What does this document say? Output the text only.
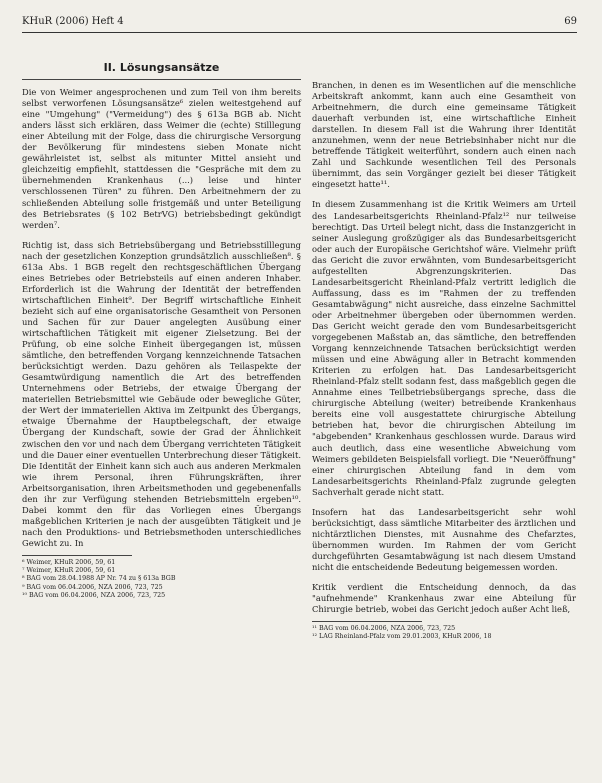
KHuR (2006) Heft 4	69
II. Lösungsansätze

Die von Weimer angesprochenen und zum Teil von ihm bereits selbst verworfenen Lösungsansätze⁶ zielen weitestgehend auf eine "Umgehung" ("Vermeidung") des § 613a BGB ab. Nicht anders lässt sich erklären, dass Weimer die (echte) Stilllegung einer Abteilung mit der Folge, dass die chirurgische Versorgung der Bevölkerung für mindestens sieben Monate nicht gewährleistet ist, selbst als mitunter Mittel ansieht und gleichzeitig empfiehlt, stattdessen die "Gespräche mit dem zu übernehmenden Krankenhaus (...) leise und hinter verschlossenen Türen" zu führen. Den Arbeitnehmern der zu schließenden Abteilung solle fristgemäß und unter Beteiligung des Betriebsrates (§ 102 BetrVG) betriebsbedingt gekündigt werden⁷.

Richtig ist, dass sich Betriebsübergang und Betriebsstilllegung nach der gesetzlichen Konzeption grundsätzlich ausschließen⁸. § 613a Abs. 1 BGB regelt den rechtsgeschäftlichen Übergang eines Betriebes oder Betriebsteils auf einen anderen Inhaber. Erforderlich ist die Wahrung der Identität der betreffenden wirtschaftlichen Einheit⁹. Der Begriff wirtschaftliche Einheit bezieht sich auf eine organisatorische Gesamtheit von Personen und Sachen für zur Dauer angelegten Ausübung einer wirtschaftlichen Tätigkeit mit eigener Zielsetzung. Bei der Prüfung, ob eine solche Einheit übergegangen ist, müssen sämtliche, den betreffenden Vorgang kennzeichnende Tatsachen berücksichtigt werden. Dazu gehören als Teilaspekte der Gesamtwürdigung namentlich die Art des betreffenden Unternehmens oder Betriebs, der etwaige Übergang der materiellen Betriebsmittel wie Gebäude oder bewegliche Güter, der Wert der immateriellen Aktiva im Zeitpunkt des Übergangs, etwaige Übernahme der Hauptbelegschaft, der etwaige Übergang der Kundschaft, sowie der Grad der Ähnlichkeit zwischen den vor und nach dem Übergang verrichteten Tätigkeit und die Dauer einer eventuellen Unterbrechung dieser Tätigkeit. Die Identität der Einheit kann sich auch aus anderen Merkmalen wie ihrem Personal, ihren Führungskräften, ihrer Arbeitsorganisation, ihren Arbeitsmethoden und gegebenenfalls den ihr zur Verfügung stehenden Betriebsmitteln ergeben¹⁰. Dabei kommt den für das Vorliegen eines Übergangs maßgeblichen Kriterien je nach der ausgeübten Tätigkeit und je nach den Produktions- und Betriebsmethoden unterschiedliches Gewicht zu. In

⁶ Weimer, KHuR 2006, 59, 61
⁷ Weimer, KHuR 2006, 59, 61
⁸ BAG vom 28.04.1988 AP Nr. 74 zu § 613a BGB
⁹ BAG vom 06.04.2006, NZA 2006, 723, 725
¹⁰ BAG vom 06.04.2006, NZA 2006, 723, 725

Branchen, in denen es im Wesentlichen auf die menschliche Arbeitskraft ankommt, kann auch eine Gesamtheit von Arbeitnehmern, die durch eine gemeinsame Tätigkeit dauerhaft verbunden ist, eine wirtschaftliche Einheit darstellen. In diesem Fall ist die Wahrung ihrer Identität anzunehmen, wenn der neue Betriebsinhaber nicht nur die betreffende Tätigkeit weiterführt, sondern auch einen nach Zahl und Sachkunde wesentlichen Teil des Personals übernimmt, das sein Vorgänger gezielt bei dieser Tätigkeit eingesetzt hatte¹¹.

In diesem Zusammenhang ist die Kritik Weimers am Urteil des Landesarbeitsgerichts Rheinland-Pfalz¹² nur teilweise berechtigt. Das Urteil belegt nicht, dass die Instanzgericht in seiner Auslegung großzügiger als das Bundesarbeitsgericht oder auch der Europäische Gerichtshof wäre. Vielmehr prüft das Gericht die zuvor erwähnten, vom Bundesarbeitsgericht aufgestellten Abgrenzungskriterien. Das Landesarbeitsgericht Rheinland-Pfalz vertritt lediglich die Auffassung, dass es im "Rahmen der zu treffenden Gesamtabwägung" nicht ausreiche, dass einzelne Sachmittel oder Arbeitnehmer übergeben oder übernommen werden. Das Gericht weicht gerade den vom Bundesarbeitsgericht vorgegebenen Maßstab an, das sämtliche, den betreffenden Vorgang kennzeichnende Tatsachen berücksichtigt werden müssen und eine Abwägung aller in Betracht kommenden Kriterien zu erfolgen hat. Das Landesarbeitsgericht Rheinland-Pfalz stellt sodann fest, dass maßgeblich gegen die Annahme eines Teilbetriebsübergangs spreche, dass die chirurgische Abteilung (weiter) betreibende Krankenhaus bereits eine voll ausgestattete chirurgische Abteilung betrieben hat, bevor die chirurgischen Abteilung im "abgebenden" Krankenhaus geschlossen wurde. Daraus wird auch deutlich, dass eine wesentliche Abweichung vom Weimers gebildeten Beispielsfall vorliegt. Die "Neueröffnung" einer chirurgischen Abteilung fand in dem vom Landesarbeitsgerichts Rheinland-Pfalz zugrunde gelegten Sachverhalt gerade nicht statt.

Insofern hat das Landesarbeitsgericht sehr wohl berücksichtigt, dass sämtliche Mitarbeiter des ärztlichen und nichtärztlichen Dienstes, mit Ausnahme des Chefarztes, übernommen wurden. Im Rahmen der vom Gericht durchgeführten Gesamtabwägung ist nach diesem Umstand nicht die entscheidende Bedeutung beigemessen worden.

Kritik verdient die Entscheidung dennoch, da das "aufnehmende" Krankenhaus zwar eine Abteilung für Chirurgie betrieb, wobei das Gericht jedoch außer Acht ließ,

¹¹ BAG vom 06.04.2006, NZA 2006, 723, 725
¹² LAG Rheinland-Pfalz vom 29.01.2003, KHuR 2006, 18
